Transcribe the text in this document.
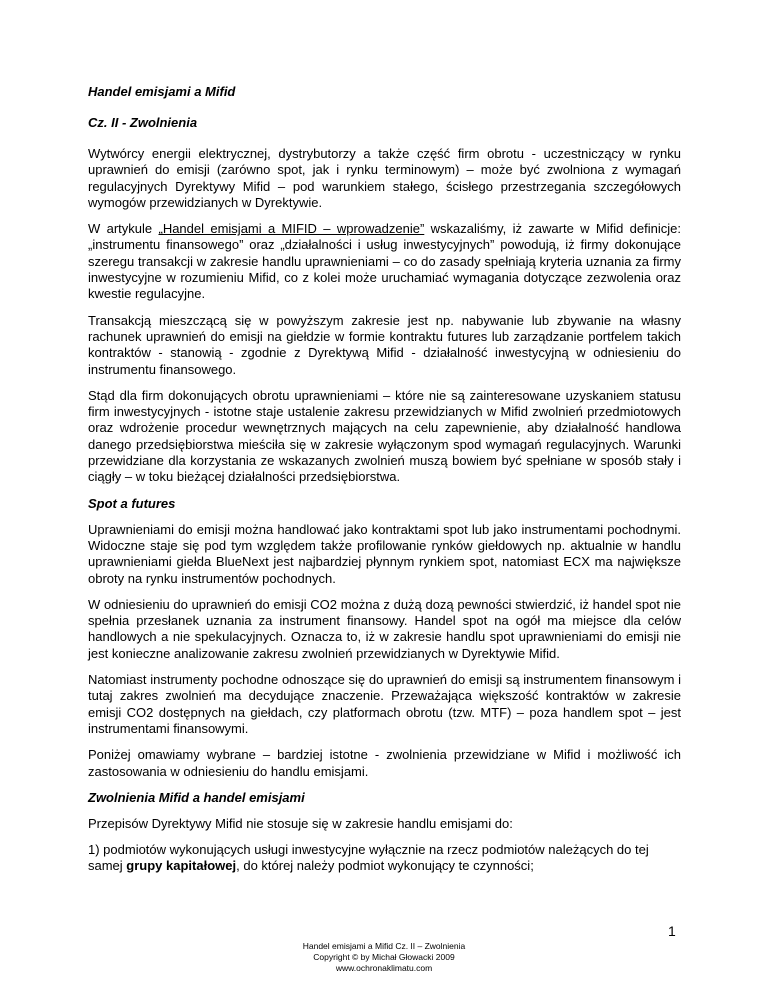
Handel emisjami a Mifid
Cz. II - Zwolnienia

Wytwórcy energii elektrycznej, dystrybutorzy a także część firm obrotu - uczestniczący w rynku uprawnień do emisji (zarówno spot, jak i rynku terminowym) – może być zwolniona z wymagań regulacyjnych Dyrektywy Mifid – pod warunkiem stałego, ścisłego przestrzegania szczegółowych wymogów przewidzianych w Dyrektywie.

W artykule „Handel emisjami a MIFID – wprowadzenie” wskazaliśmy, iż zawarte w Mifid definicje: „instrumentu finansowego” oraz „działalności i usług inwestycyjnych” powodują, iż firmy dokonujące szeregu transakcji w zakresie handlu uprawnieniami – co do zasady spełniają kryteria uznania za firmy inwestycyjne w rozumieniu Mifid, co z kolei może uruchamiać wymagania dotyczące zezwolenia oraz kwestie regulacyjne.

Transakcją mieszczącą się w powyższym zakresie jest np. nabywanie lub zbywanie na własny rachunek uprawnień do emisji na giełdzie w formie kontraktu futures lub zarządzanie portfelem takich kontraktów - stanowią - zgodnie z Dyrektywą Mifid - działalność inwestycyjną w odniesieniu do instrumentu finansowego.

Stąd dla firm dokonujących obrotu uprawnieniami – które nie są zainteresowane uzyskaniem statusu firm inwestycyjnych - istotne staje ustalenie zakresu przewidzianych w Mifid zwolnień przedmiotowych oraz wdrożenie procedur wewnętrznych mających na celu zapewnienie, aby działalność handlowa danego przedsiębiorstwa mieściła się w zakresie wyłączonym spod wymagań regulacyjnych. Warunki przewidziane dla korzystania ze wskazanych zwolnień muszą bowiem być spełniane w sposób stały i ciągły – w toku bieżącej działalności przedsiębiorstwa.

Spot a futures

Uprawnieniami do emisji można handlować jako kontraktami spot lub jako instrumentami pochodnymi. Widoczne staje się pod tym względem także profilowanie rynków giełdowych np. aktualnie w handlu uprawnieniami giełda BlueNext jest najbardziej płynnym rynkiem spot, natomiast ECX ma największe obroty na rynku instrumentów pochodnych.

W odniesieniu do uprawnień do emisji CO2 można z dużą dozą pewności stwierdzić, iż handel spot nie spełnia przesłanek uznania za instrument finansowy. Handel spot na ogół ma miejsce dla celów handlowych a nie spekulacyjnych. Oznacza to, iż w zakresie handlu spot uprawnieniami do emisji nie jest konieczne analizowanie zakresu zwolnień przewidzianych w Dyrektywie Mifid.

Natomiast instrumenty pochodne odnoszące się do uprawnień do emisji są instrumentem finansowym i tutaj zakres zwolnień ma decydujące znaczenie. Przeważająca większość kontraktów w zakresie emisji CO2 dostępnych na giełdach, czy platformach obrotu (tzw. MTF) – poza handlem spot – jest instrumentami finansowymi.

Poniżej omawiamy wybrane – bardziej istotne - zwolnienia przewidziane w Mifid i możliwość ich zastosowania w odniesieniu do handlu emisjami.

Zwolnienia Mifid a handel emisjami

Przepisów Dyrektywy Mifid nie stosuje się w zakresie handlu emisjami do:

1) podmiotów wykonujących usługi inwestycyjne wyłącznie na rzecz podmiotów należących do tej samej grupy kapitałowej, do której należy podmiot wykonujący te czynności;

1
Handel emisjami a Mifid Cz. II – Zwolnienia
Copyright © by Michał Głowacki 2009
www.ochronaklimatu.com
